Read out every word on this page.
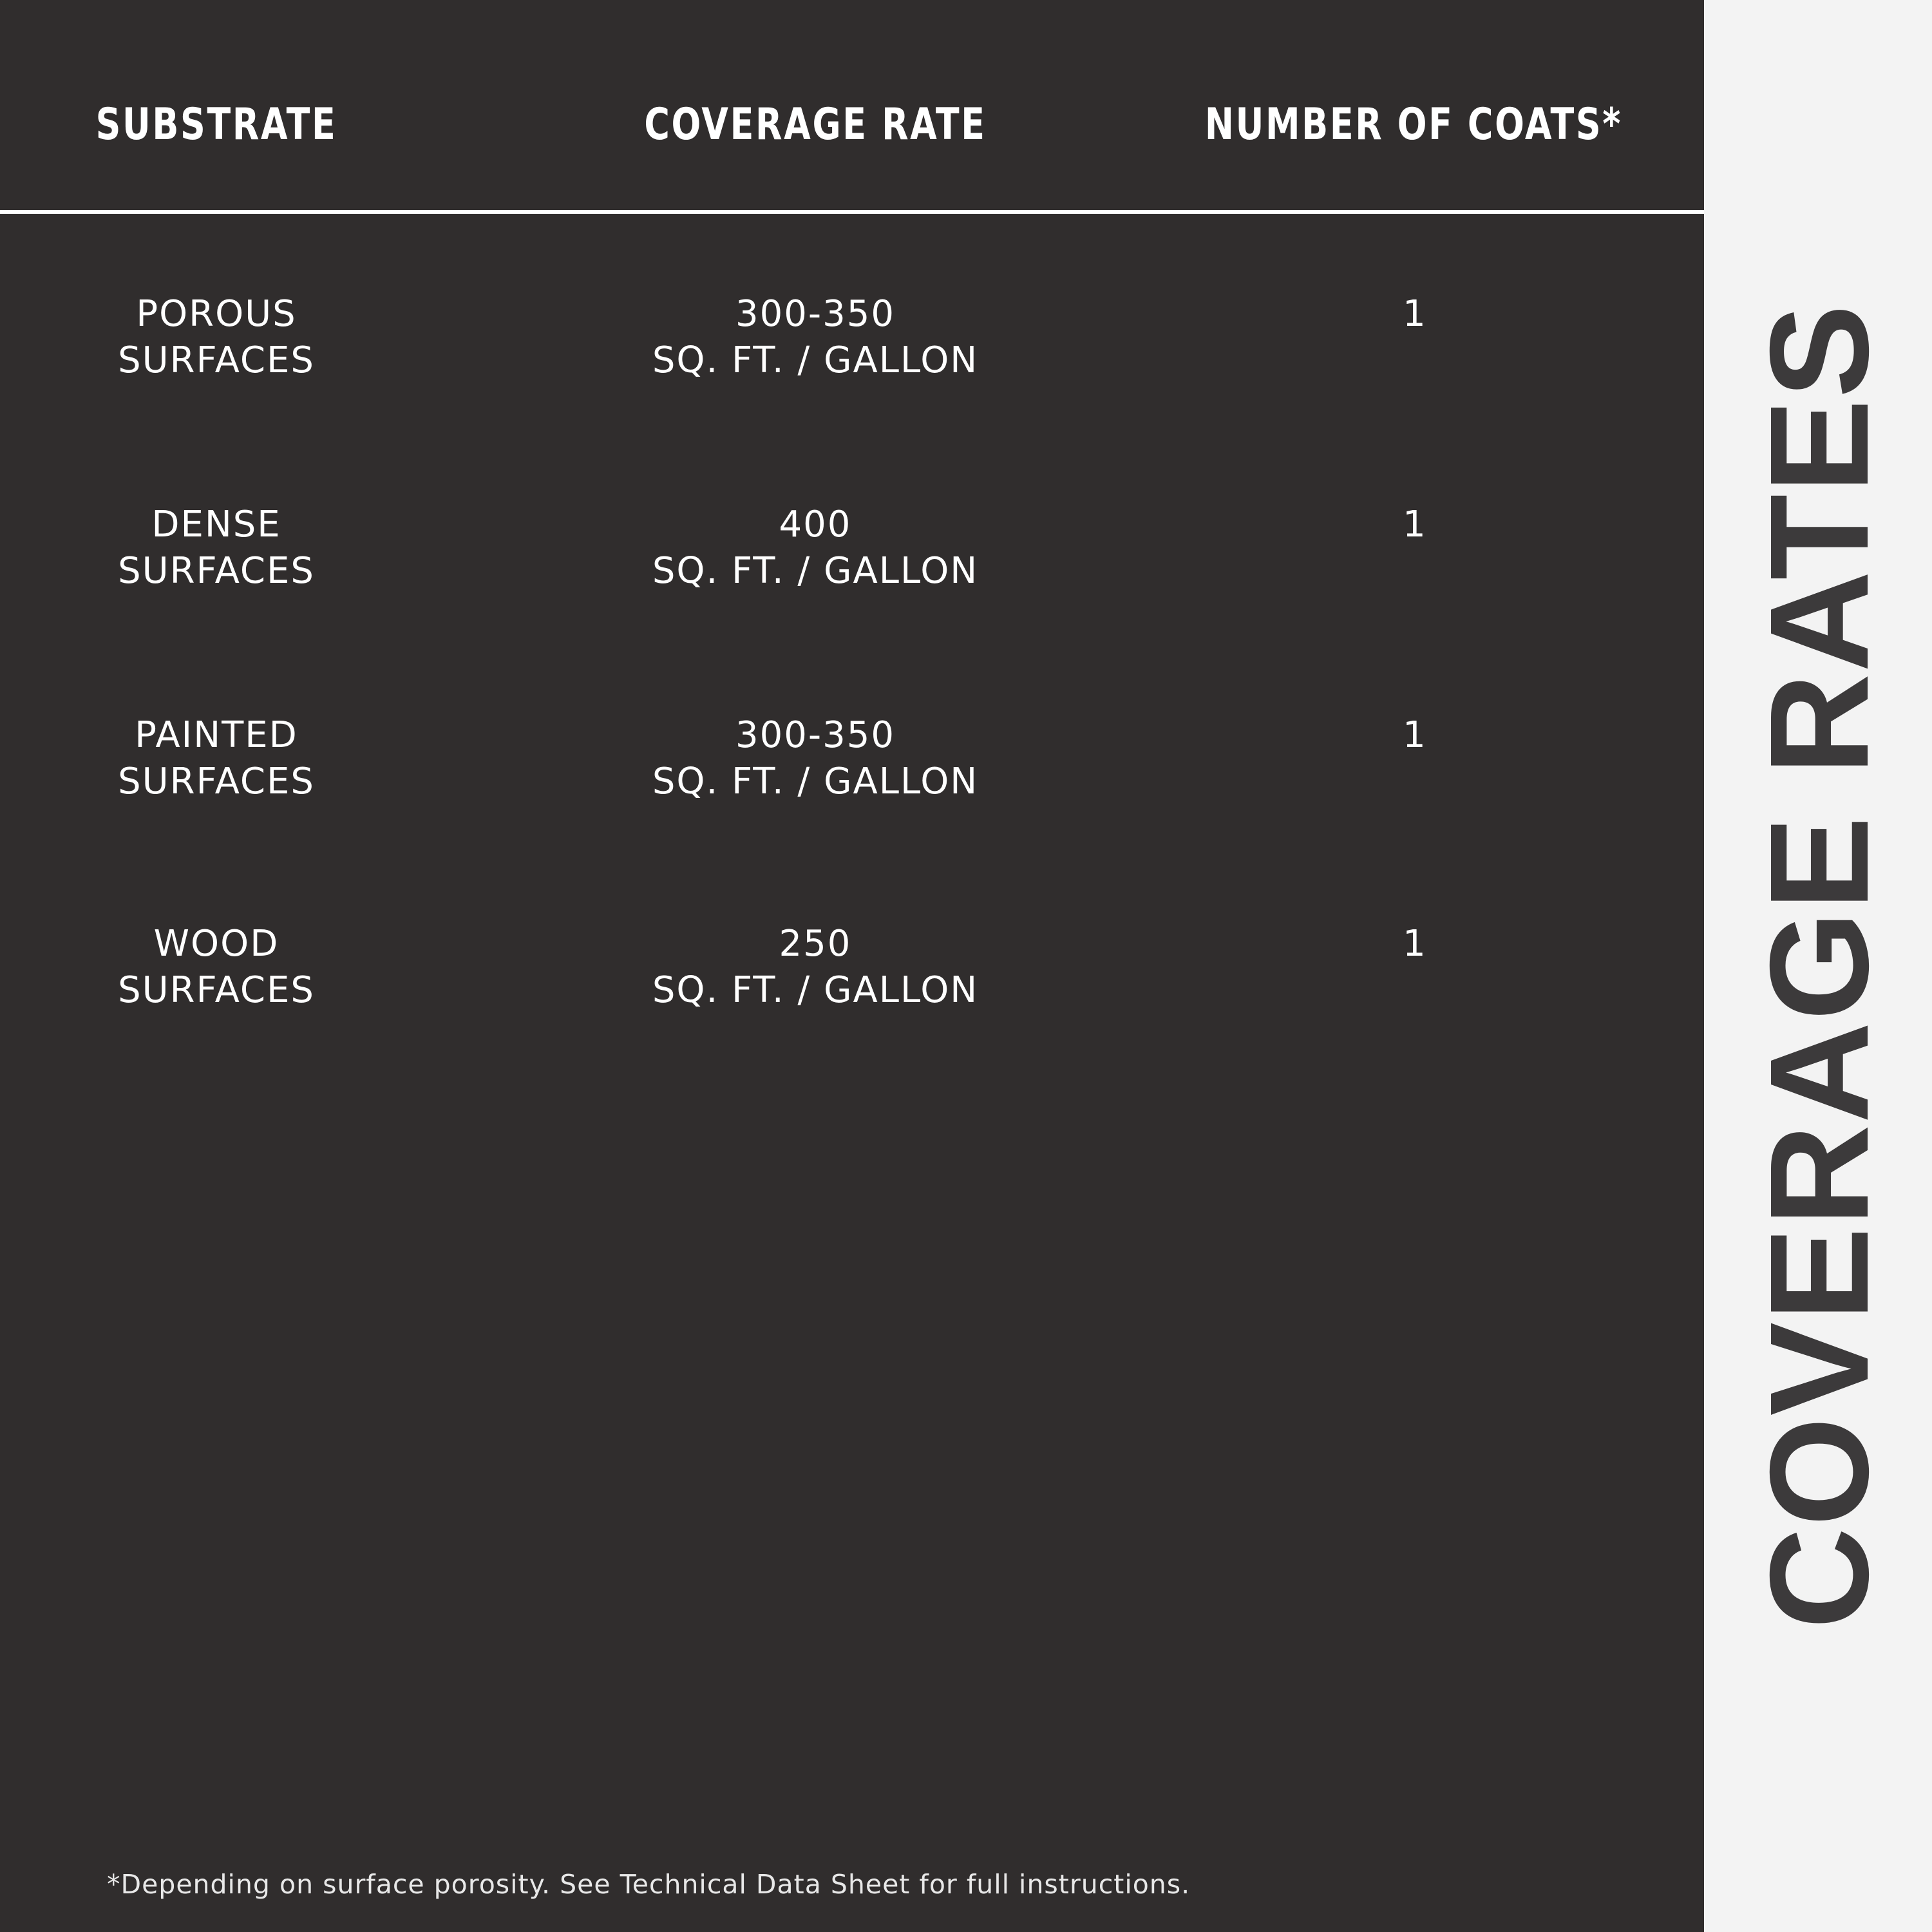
SUBSTRATE	COVERAGE RATE	NUMBER OF COATS*
POROUS
SURFACES
300-350
SQ. FT. / GALLON
1
DENSE
SURFACES
400
SQ. FT. / GALLON
1
PAINTED
SURFACES
300-350
SQ. FT. / GALLON
1
WOOD
SURFACES
250
SQ. FT. / GALLON
1
*Depending on surface porosity. See Technical Data Sheet for full instructions.
COVERAGE RATES
